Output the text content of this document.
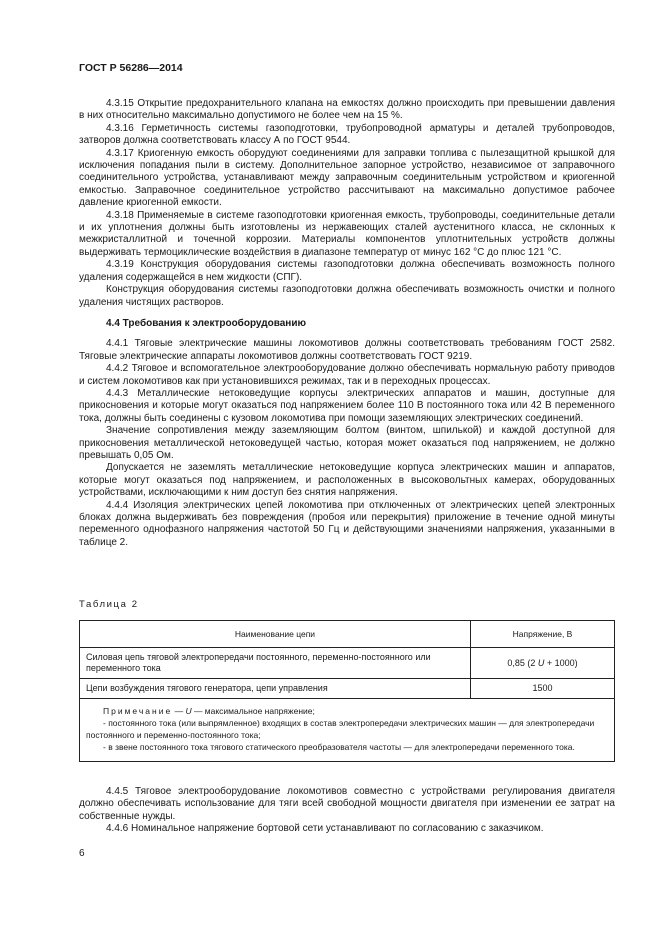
ГОСТ Р 56286—2014

4.3.15 Открытие предохранительного клапана на емкостях должно происходить при превышении давления в них относительно максимально допустимого не более чем на 15 %.

4.3.16 Герметичность системы газоподготовки, трубопроводной арматуры и деталей трубопроводов, затворов должна соответствовать классу А по ГОСТ 9544.

4.3.17 Криогенную емкость оборудуют соединениями для заправки топлива с пылезащитной крышкой для исключения попадания пыли в систему. Дополнительное запорное устройство, независимое от заправочного соединительного устройства, устанавливают между заправочным соединительным устройством и криогенной емкостью. Заправочное соединительное устройство рассчитывают на максимально допустимое рабочее давление криогенной емкости.

4.3.18 Применяемые в системе газоподготовки криогенная емкость, трубопроводы, соединительные детали и их уплотнения должны быть изготовлены из нержавеющих сталей аустенитного класса, не склонных к межкристаллитной и точечной коррозии. Материалы компонентов уплотнительных устройств должны выдерживать термоциклические воздействия в диапазоне температур от минус 162 °С до плюс 121 °С.

4.3.19 Конструкция оборудования системы газоподготовки должна обеспечивать возможность полного удаления содержащейся в нем жидкости (СПГ).

Конструкция оборудования системы газоподготовки должна обеспечивать возможность очистки и полного удаления чистящих растворов.

4.4 Требования к электрооборудованию

4.4.1 Тяговые электрические машины локомотивов должны соответствовать требованиям ГОСТ 2582. Тяговые электрические аппараты локомотивов должны соответствовать ГОСТ 9219.

4.4.2 Тяговое и вспомогательное электрооборудование должно обеспечивать нормальную работу приводов и систем локомотивов как при установившихся режимах, так и в переходных процессах.

4.4.3 Металлические нетоковедущие корпусы электрических аппаратов и машин, доступные для прикосновения и которые могут оказаться под напряжением более 110 В постоянного тока или 42 В переменного тока, должны быть соединены с кузовом локомотива при помощи заземляющих электрических соединений.

Значение сопротивления между заземляющим болтом (винтом, шпилькой) и каждой доступной для прикосновения металлической нетоковедущей частью, которая может оказаться под напряжением, не должно превышать 0,05 Ом.

Допускается не заземлять металлические нетоковедущие корпуса электрических машин и аппаратов, которые могут оказаться под напряжением, и расположенных в высоковольтных камерах, оборудованных устройствами, исключающими к ним доступ без снятия напряжения.

4.4.4 Изоляция электрических цепей локомотива при отключенных от электрических цепей электронных блоках должна выдерживать без повреждения (пробоя или перекрытия) приложение в течение одной минуты переменного однофазного напряжения частотой 50 Гц и действующими значениями напряжения, указанными в таблице 2.

Таблица 2
Наименование цепи	Напряжение, В
Силовая цепь тяговой электропередачи постоянного, переменно-постоянного или переменного тока	0,85 (2 U + 1000)
Цепи возбуждения тягового генератора, цепи управления	1500

Примечание — U — максимальное напряжение;

- постоянного тока (или выпрямленное) входящих в состав электропередачи электрических машин — для электропередачи постоянного и переменно-постоянного тока;

- в звене постоянного тока тягового статического преобразователя частоты — для электропередачи переменного тока.	

4.4.5 Тяговое электрооборудование локомотивов совместно с устройствами регулирования двигателя должно обеспечивать использование для тяги всей свободной мощности двигателя при изменении ее затрат на собственные нужды.

4.4.6 Номинальное напряжение бортовой сети устанавливают по согласованию с заказчиком.

6
